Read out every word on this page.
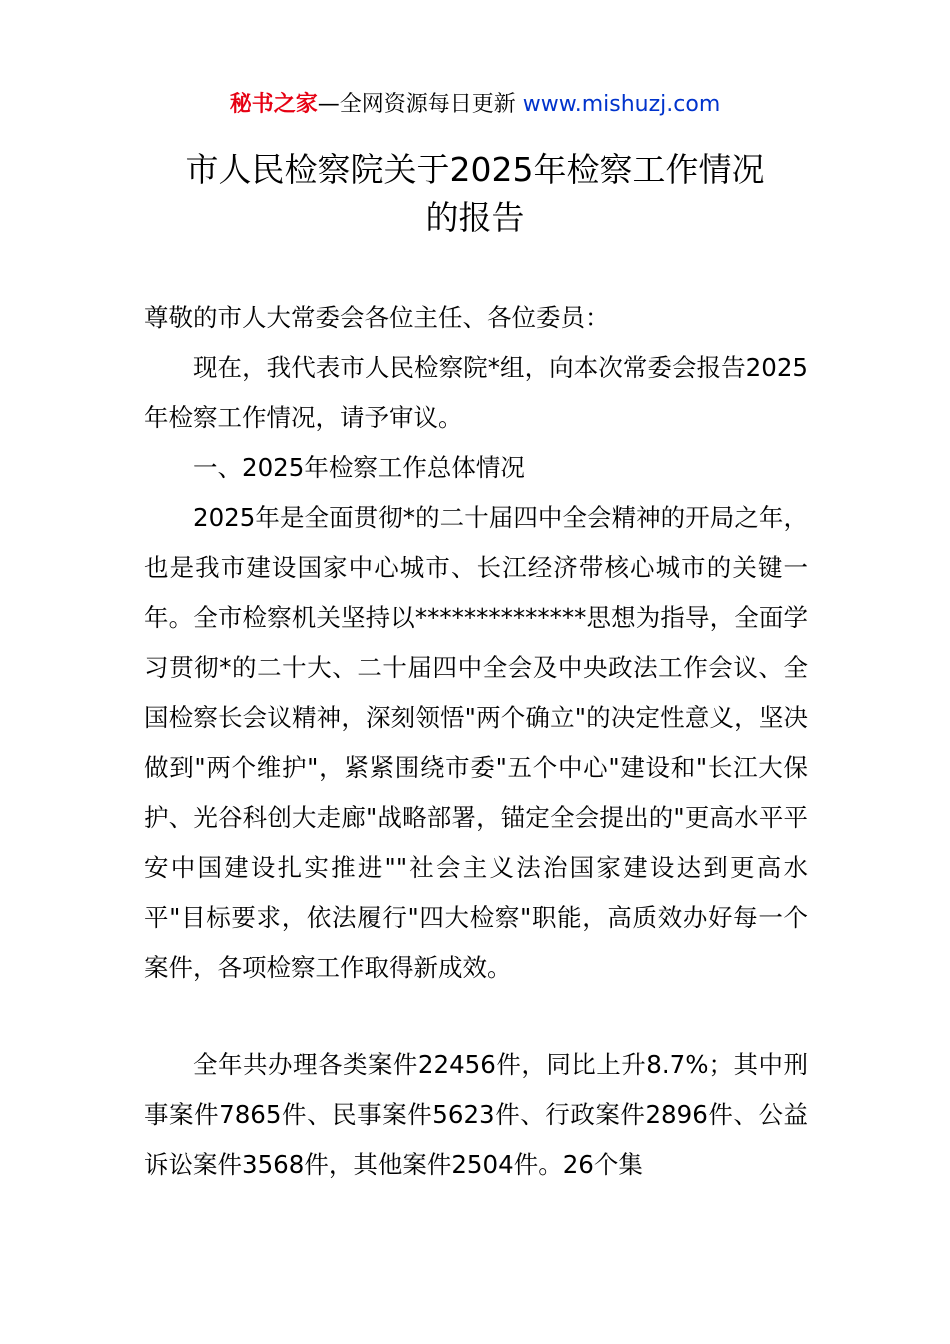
秘书之家—全网资源每日更新 www.mishuzj.com
市人民检察院关于2025年检察工作情况
的报告

尊敬的市人大常委会各位主任、各位委员：

现在，我代表市人民检察院*组，向本次常委会报告2025年检察工作情况，请予审议。

一、2025年检察工作总体情况

2025年是全面贯彻*的二十届四中全会精神的开局之年，也是我市建设国家中心城市、长江经济带核心城市的关键一年。全市检察机关坚持以**************思想为指导，全面学习贯彻*的二十大、二十届四中全会及中央政法工作会议、全国检察长会议精神，深刻领悟"两个确立"的决定性意义，坚决做到"两个维护"，紧紧围绕市委"五个中心"建设和"长江大保护、光谷科创大走廊"战略部署，锚定全会提出的"更高水平平安中国建设扎实推进""社会主义法治国家建设达到更高水平"目标要求，依法履行"四大检察"职能，高质效办好每一个案件，各项检察工作取得新成效。

全年共办理各类案件22456件，同比上升8.7%；其中刑事案件7865件、民事案件5623件、行政案件2896件、公益诉讼案件3568件，其他案件2504件。26个集
